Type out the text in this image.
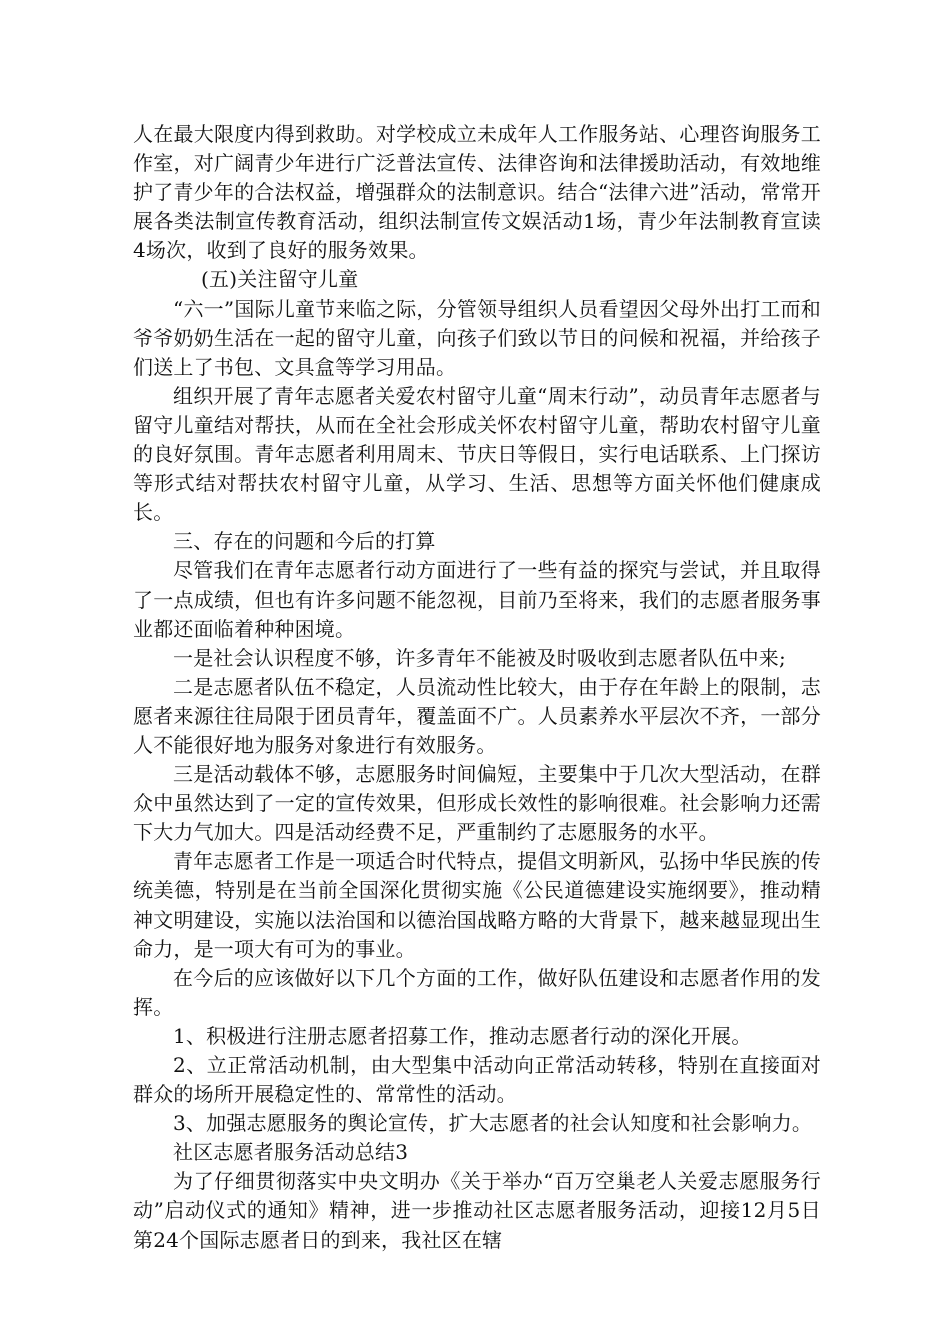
人在最大限度内得到救助。对学校成立未成年人工作服务站、心理咨询服务工作室，对广阔青少年进行广泛普法宣传、法律咨询和法律援助活动，有效地维护了青少年的合法权益，增强群众的法制意识。结合“法律六进”活动，常常开展各类法制宣传教育活动，组织法制宣传文娱活动1场，青少年法制教育宣读4场次，收到了良好的服务效果。

(五)关注留守儿童

“六一”国际儿童节来临之际，分管领导组织人员看望因父母外出打工而和爷爷奶奶生活在一起的留守儿童，向孩子们致以节日的问候和祝福，并给孩子们送上了书包、文具盒等学习用品。

组织开展了青年志愿者关爱农村留守儿童“周末行动”，动员青年志愿者与留守儿童结对帮扶，从而在全社会形成关怀农村留守儿童，帮助农村留守儿童的良好氛围。青年志愿者利用周末、节庆日等假日，实行电话联系、上门探访等形式结对帮扶农村留守儿童，从学习、生活、思想等方面关怀他们健康成长。

三、存在的问题和今后的打算

尽管我们在青年志愿者行动方面进行了一些有益的探究与尝试，并且取得了一点成绩，但也有许多问题不能忽视，目前乃至将来，我们的志愿者服务事业都还面临着种种困境。

一是社会认识程度不够，许多青年不能被及时吸收到志愿者队伍中来;

二是志愿者队伍不稳定，人员流动性比较大，由于存在年龄上的限制，志愿者来源往往局限于团员青年，覆盖面不广。人员素养水平层次不齐，一部分人不能很好地为服务对象进行有效服务。

三是活动载体不够，志愿服务时间偏短，主要集中于几次大型活动，在群众中虽然达到了一定的宣传效果，但形成长效性的影响很难。社会影响力还需下大力气加大。四是活动经费不足，严重制约了志愿服务的水平。

青年志愿者工作是一项适合时代特点，提倡文明新风，弘扬中华民族的传统美德，特别是在当前全国深化贯彻实施《公民道德建设实施纲要》，推动精神文明建设，实施以法治国和以德治国战略方略的大背景下，越来越显现出生命力，是一项大有可为的事业。

在今后的应该做好以下几个方面的工作，做好队伍建设和志愿者作用的发挥。

1、积极进行注册志愿者招募工作，推动志愿者行动的深化开展。

2、立正常活动机制，由大型集中活动向正常活动转移，特别在直接面对群众的场所开展稳定性的、常常性的活动。

3、加强志愿服务的舆论宣传，扩大志愿者的社会认知度和社会影响力。

社区志愿者服务活动总结3

为了仔细贯彻落实中央文明办《关于举办“百万空巢老人关爱志愿服务行动”启动仪式的通知》精神，进一步推动社区志愿者服务活动，迎接12月5日第24个国际志愿者日的到来，我社区在辖
